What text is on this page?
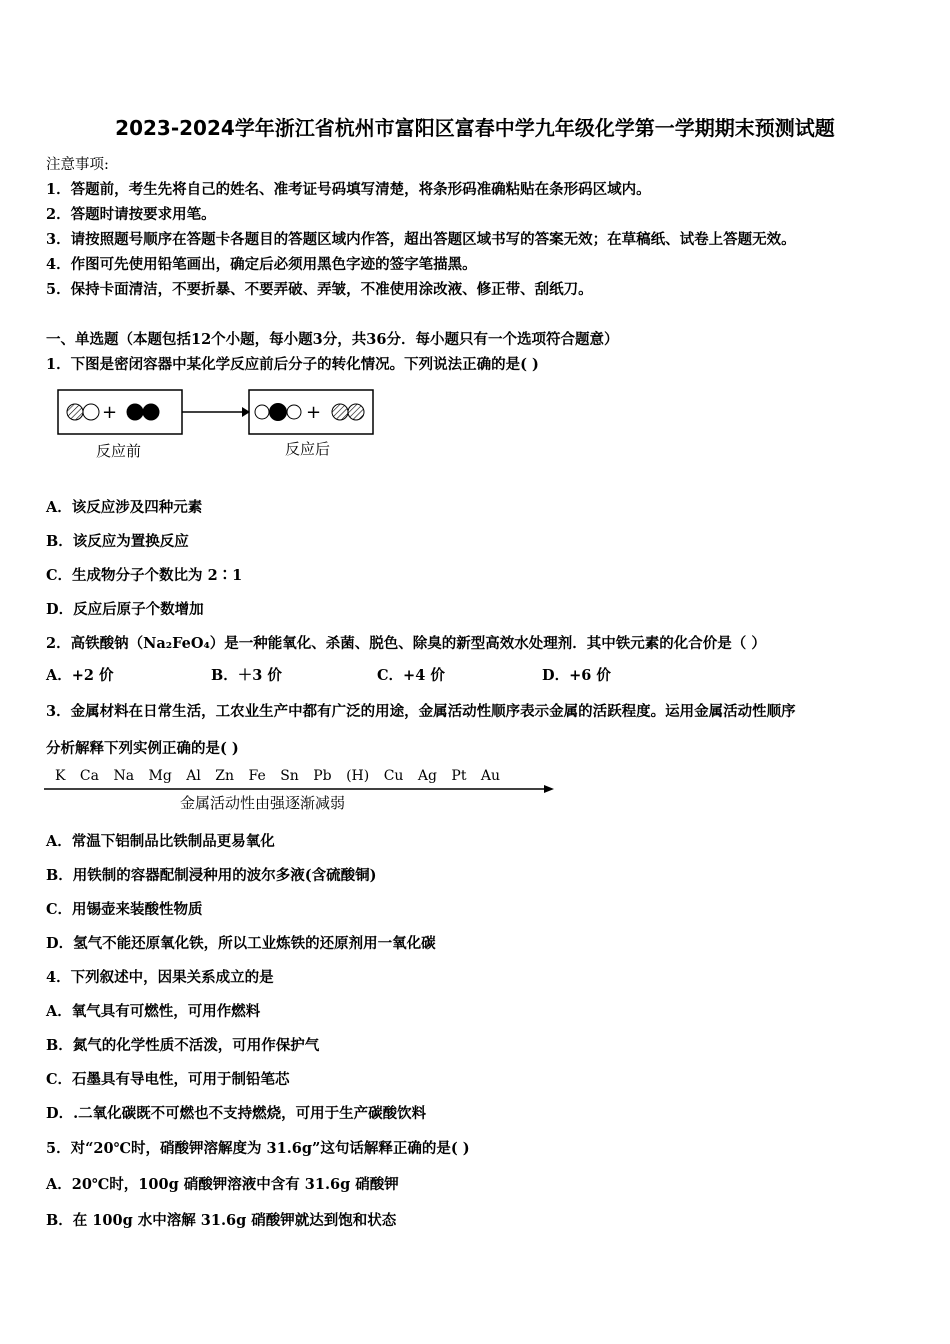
2023-2024学年浙江省杭州市富阳区富春中学九年级化学第一学期期末预测试题
注意事项:
1．答题前，考生先将自己的姓名、准考证号码填写清楚，将条形码准确粘贴在条形码区域内。
2．答题时请按要求用笔。
3．请按照题号顺序在答题卡各题目的答题区域内作答，超出答题区域书写的答案无效；在草稿纸、试卷上答题无效。
4．作图可先使用铅笔画出，确定后必须用黑色字迹的签字笔描黑。
5．保持卡面清洁，不要折暴、不要弄破、弄皱，不准使用涂改液、修正带、刮纸刀。
一、单选题（本题包括12个小题，每小题3分，共36分．每小题只有一个选项符合题意）
1．下图是密闭容器中某化学反应前后分子的转化情况。下列说法正确的是( )
+	+
反应前	反应后
A．该反应涉及四种元素
B．该反应为置换反应
C．生成物分子个数比为 2∶1
D．反应后原子个数增加
2．高铁酸钠（Na₂FeO₄）是一种能氧化、杀菌、脱色、除臭的新型高效水处理剂．其中铁元素的化合价是（ ）
A．+2 价	B．＋3 价	C．+4 价	D．+6 价
3．金属材料在日常生活，工农业生产中都有广泛的用途，金属活动性顺序表示金属的活跃程度。运用金属活动性顺序
分析解释下列实例正确的是( )
K Ca Na Mg Al Zn Fe Sn Pb (H) Cu Ag Pt Au
金属活动性由强逐渐减弱
A．常温下铝制品比铁制品更易氧化
B．用铁制的容器配制浸种用的波尔多液(含硫酸铜)
C．用锡壶来装酸性物质
D．氢气不能还原氧化铁，所以工业炼铁的还原剂用一氧化碳
4．下列叙述中，因果关系成立的是
A．氧气具有可燃性，可用作燃料
B．氮气的化学性质不活泼，可用作保护气
C．石墨具有导电性，可用于制铅笔芯
D．.二氧化碳既不可燃也不支持燃烧，可用于生产碳酸饮料
5．对“20℃时，硝酸钾溶解度为 31.6g”这句话解释正确的是( )
A．20℃时，100g 硝酸钾溶液中含有 31.6g 硝酸钾
B．在 100g 水中溶解 31.6g 硝酸钾就达到饱和状态
